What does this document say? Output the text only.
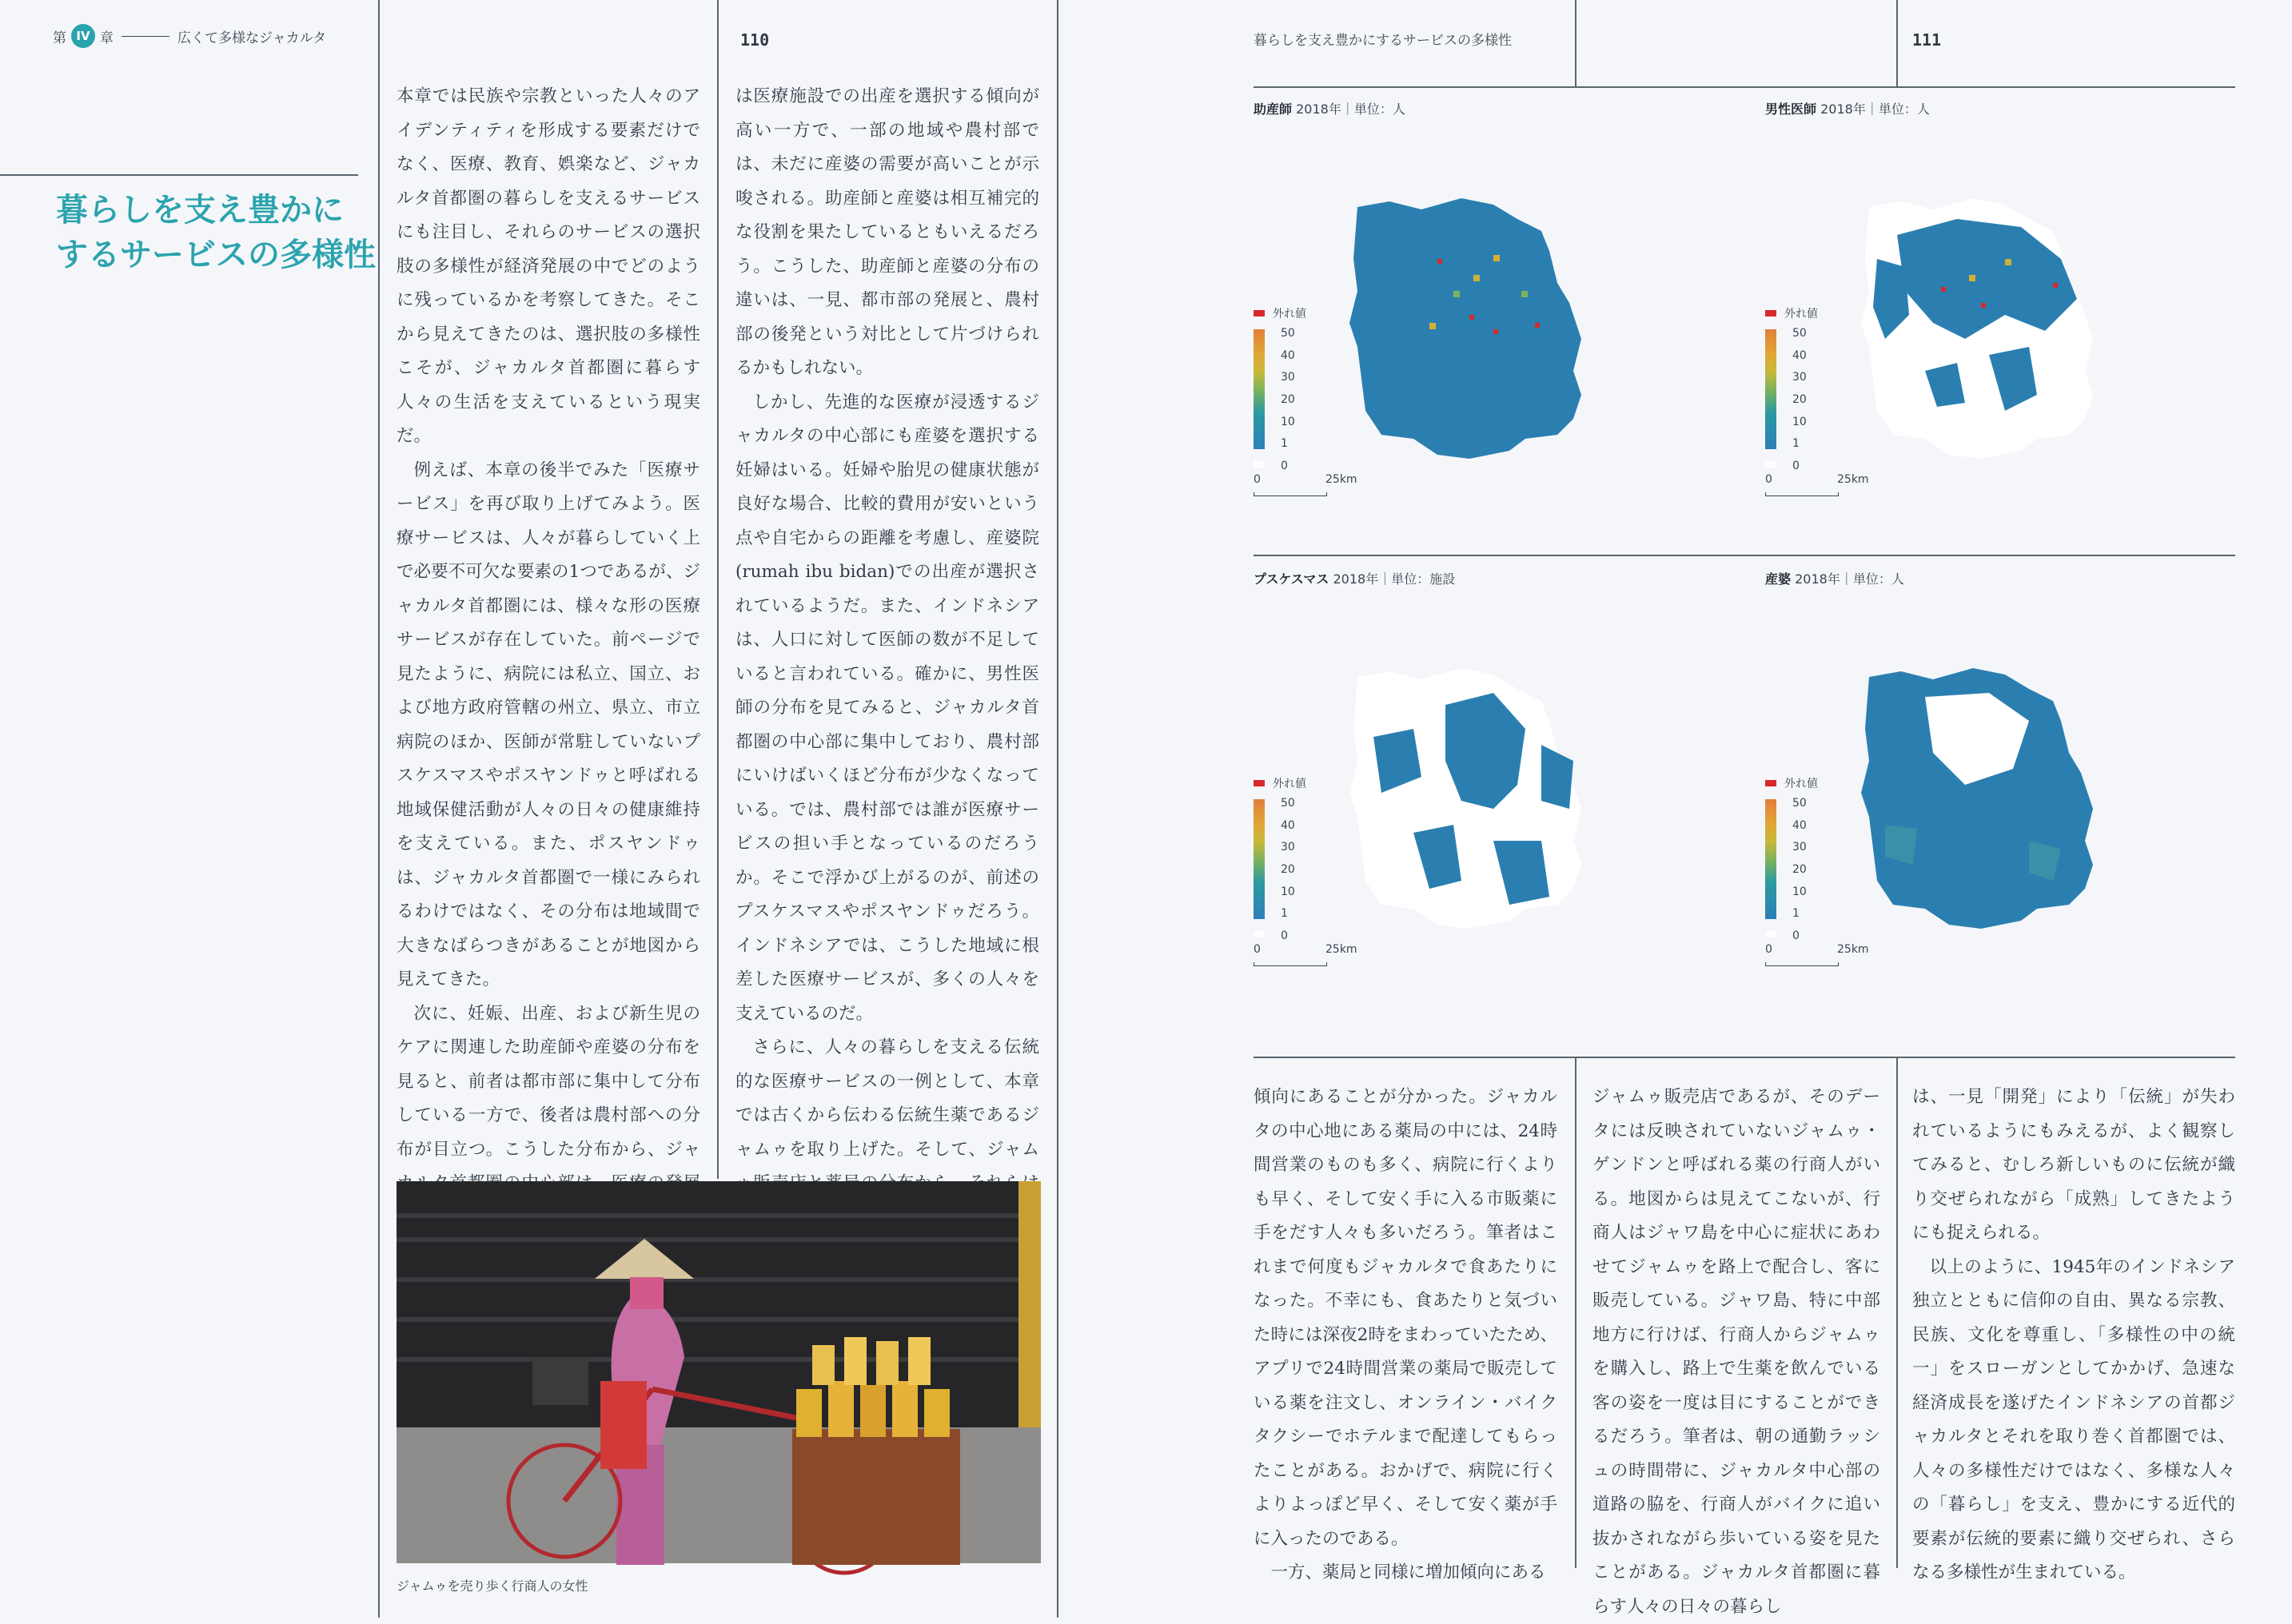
第 IV 章	広くて多様なジャカルタ	110
暮らしを支え豊かに
するサービスの多様性

本章では民族や宗教といった人々のアイデンティティを形成する要素だけでなく、医療、教育、娯楽など、ジャカルタ首都圏の暮らしを支えるサービスにも注目し、それらのサービスの選択肢の多様性が経済発展の中でどのように残っているかを考察してきた。そこから見えてきたのは、選択肢の多様性こそが、ジャカルタ首都圏に暮らす人々の生活を支えているという現実だ。

例えば、本章の後半でみた「医療サービス」を再び取り上げてみよう。医療サービスは、人々が暮らしていく上で必要不可欠な要素の1つであるが、ジャカルタ首都圏には、様々な形の医療サービスが存在していた。前ページで見たように、病院には私立、国立、および地方政府管轄の州立、県立、市立病院のほか、医師が常駐していないプスケスマスやポスヤンドゥと呼ばれる地域保健活動が人々の日々の健康維持を支えている。また、ポスヤンドゥは、ジャカルタ首都圏で一様にみられるわけではなく、その分布は地域間で大きなばらつきがあることが地図から見えてきた。

次に、妊娠、出産、および新生児のケアに関連した助産師や産婆の分布を見ると、前者は都市部に集中して分布している一方で、後者は農村部への分布が目立つ。こうした分布から、ジャ

は医療施設での出産を選択する傾向が高い一方で、一部の地域や農村部では、未だに産婆の需要が高いことが示唆される。助産師と産婆は相互補完的な役割を果たしているともいえるだろう。こうした、助産師と産婆の分布の違いは、一見、都市部の発展と、農村部の後発という対比として片づけられるかもしれない。

しかし、先進的な医療が浸透するジャカルタの中心部にも産婆を選択する妊婦はいる。妊婦や胎児の健康状態が良好な場合、比較的費用が安いという点や自宅からの距離を考慮し、産婆院(rumah ibu bidan)での出産が選択されているようだ。また、インドネシアは、人口に対して医師の数が不足していると言われている。確かに、男性医師の分布を見てみると、ジャカルタ首都圏の中心部に集中しており、農村部にいけばいくほど分布が少なくなっている。では、農村部では誰が医療サービスの担い手となっているのだろうか。そこで浮かび上がるのが、前述のプスケスマスやポスヤンドゥだろう。インドネシアでは、こうした地域に根差した医療サービスが、多くの人々を支えているのだ。

さらに、人々の暮らしを支える伝統的な医療サービスの一例として、本章では古くから伝わる伝統生薬であるジャムゥを取り上げた。そして、ジャム

ジャムゥを売り歩く行商人の女性
暮らしを支え豊かにするサービスの多様性	111
助産師 2018年｜単位：人
外れ値
50
40
30
20
10
1
0
0	25km
男性医師 2018年｜単位：人
外れ値
50
40
30
20
10
1
0
0	25km
プスケスマス 2018年｜単位：施設
外れ値
50
40
30
20
10
1
0
0	25km
産婆 2018年｜単位：人
外れ値
50
40
30
20
10
1
0
0	25km

傾向にあることが分かった。ジャカルタの中心地にある薬局の中には、24時間営業のものも多く、病院に行くよりも早く、そして安く手に入る市販薬に手をだす人々も多いだろう。筆者はこれまで何度もジャカルタで食あたりになった。不幸にも、食あたりと気づいた時には深夜2時をまわっていたため、アプリで24時間営業の薬局で販売している薬を注文し、オンライン・バイクタクシーでホテルまで配達してもらったことがある。おかげで、病院に行くよりよっぽど早く、そして安く薬が手に入ったのである。

一方、薬局と同様に増加傾向にある

ジャムゥ販売店であるが、そのデータには反映されていないジャムゥ・ゲンドンと呼ばれる薬の行商人がいる。地図からは見えてこないが、行商人はジャワ島を中心に症状にあわせてジャムゥを路上で配合し、客に販売している。ジャワ島、特に中部地方に行けば、行商人からジャムゥを購入し、路上で生薬を飲んでいる客の姿を一度は目にすることができるだろう。筆者は、朝の通勤ラッシュの時間帯に、ジャカルタ中心部の道路の脇を、行商人がバイクに追い抜かされながら歩いている姿を見たことがある。ジャカルタ首都圏に暮らす人々の日々の暮らし

は、一見「開発」により「伝統」が失われているようにもみえるが、よく観察してみると、むしろ新しいものに伝統が織り交ぜられながら「成熟」してきたようにも捉えられる。

以上のように、1945年のインドネシア独立とともに信仰の自由、異なる宗教、民族、文化を尊重し、「多様性の中の統一」をスローガンとしてかかげ、急速な経済成長を遂げたインドネシアの首都ジャカルタとそれを取り巻く首都圏では、人々の多様性だけではなく、多様な人々の「暮らし」を支え、豊かにする近代的要素が伝統的要素に織り交ぜられ、さらなる多様性が生まれている。
